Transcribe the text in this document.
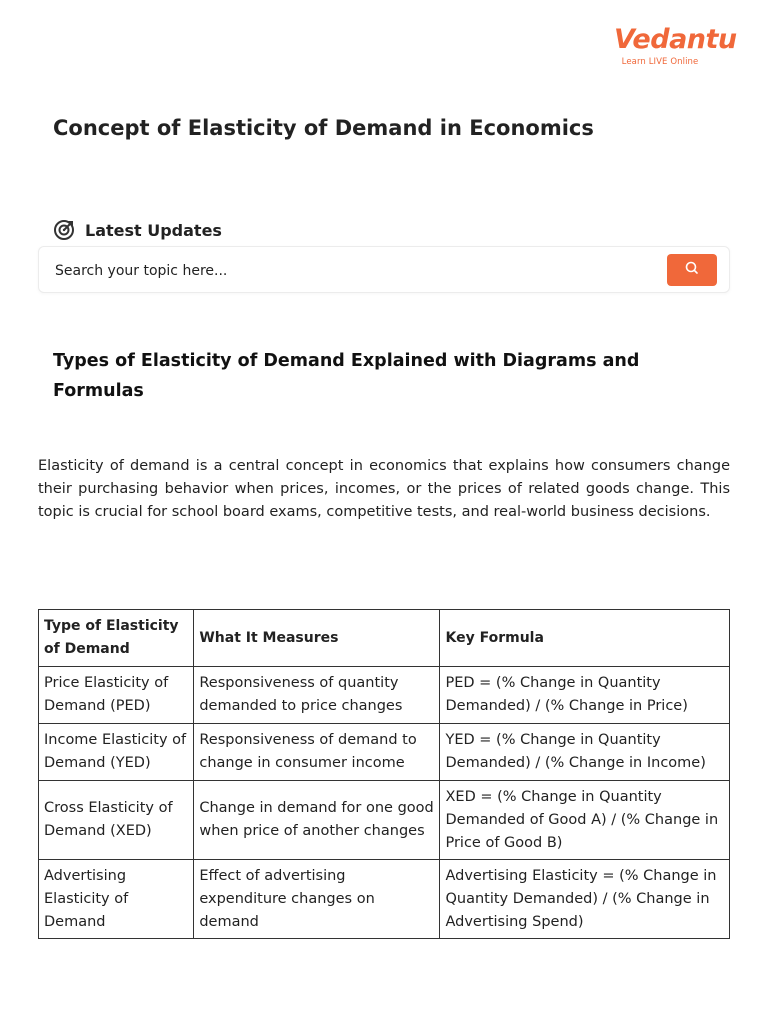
Vedantu
Learn LIVE Online
Concept of Elasticity of Demand in Economics
Latest Updates
Search your topic here...
Types of Elasticity of Demand Explained with Diagrams and Formulas

Elasticity of demand is a central concept in economics that explains how consumers change their purchasing behavior when prices, incomes, or the prices of related goods change. This topic is crucial for school board exams, competitive tests, and real-world business decisions.

Type of Elasticity of Demand	What It Measures	Key Formula
Price Elasticity of Demand (PED)	Responsiveness of quantity demanded to price changes	PED = (% Change in Quantity Demanded) / (% Change in Price)
Income Elasticity of Demand (YED)	Responsiveness of demand to change in consumer income	YED = (% Change in Quantity Demanded) / (% Change in Income)
Cross Elasticity of Demand (XED)	Change in demand for one good when price of another changes	XED = (% Change in Quantity Demanded of Good A) / (% Change in Price of Good B)
Advertising Elasticity of Demand	Effect of advertising expenditure changes on demand	Advertising Elasticity = (% Change in Quantity Demanded) / (% Change in Advertising Spend)
